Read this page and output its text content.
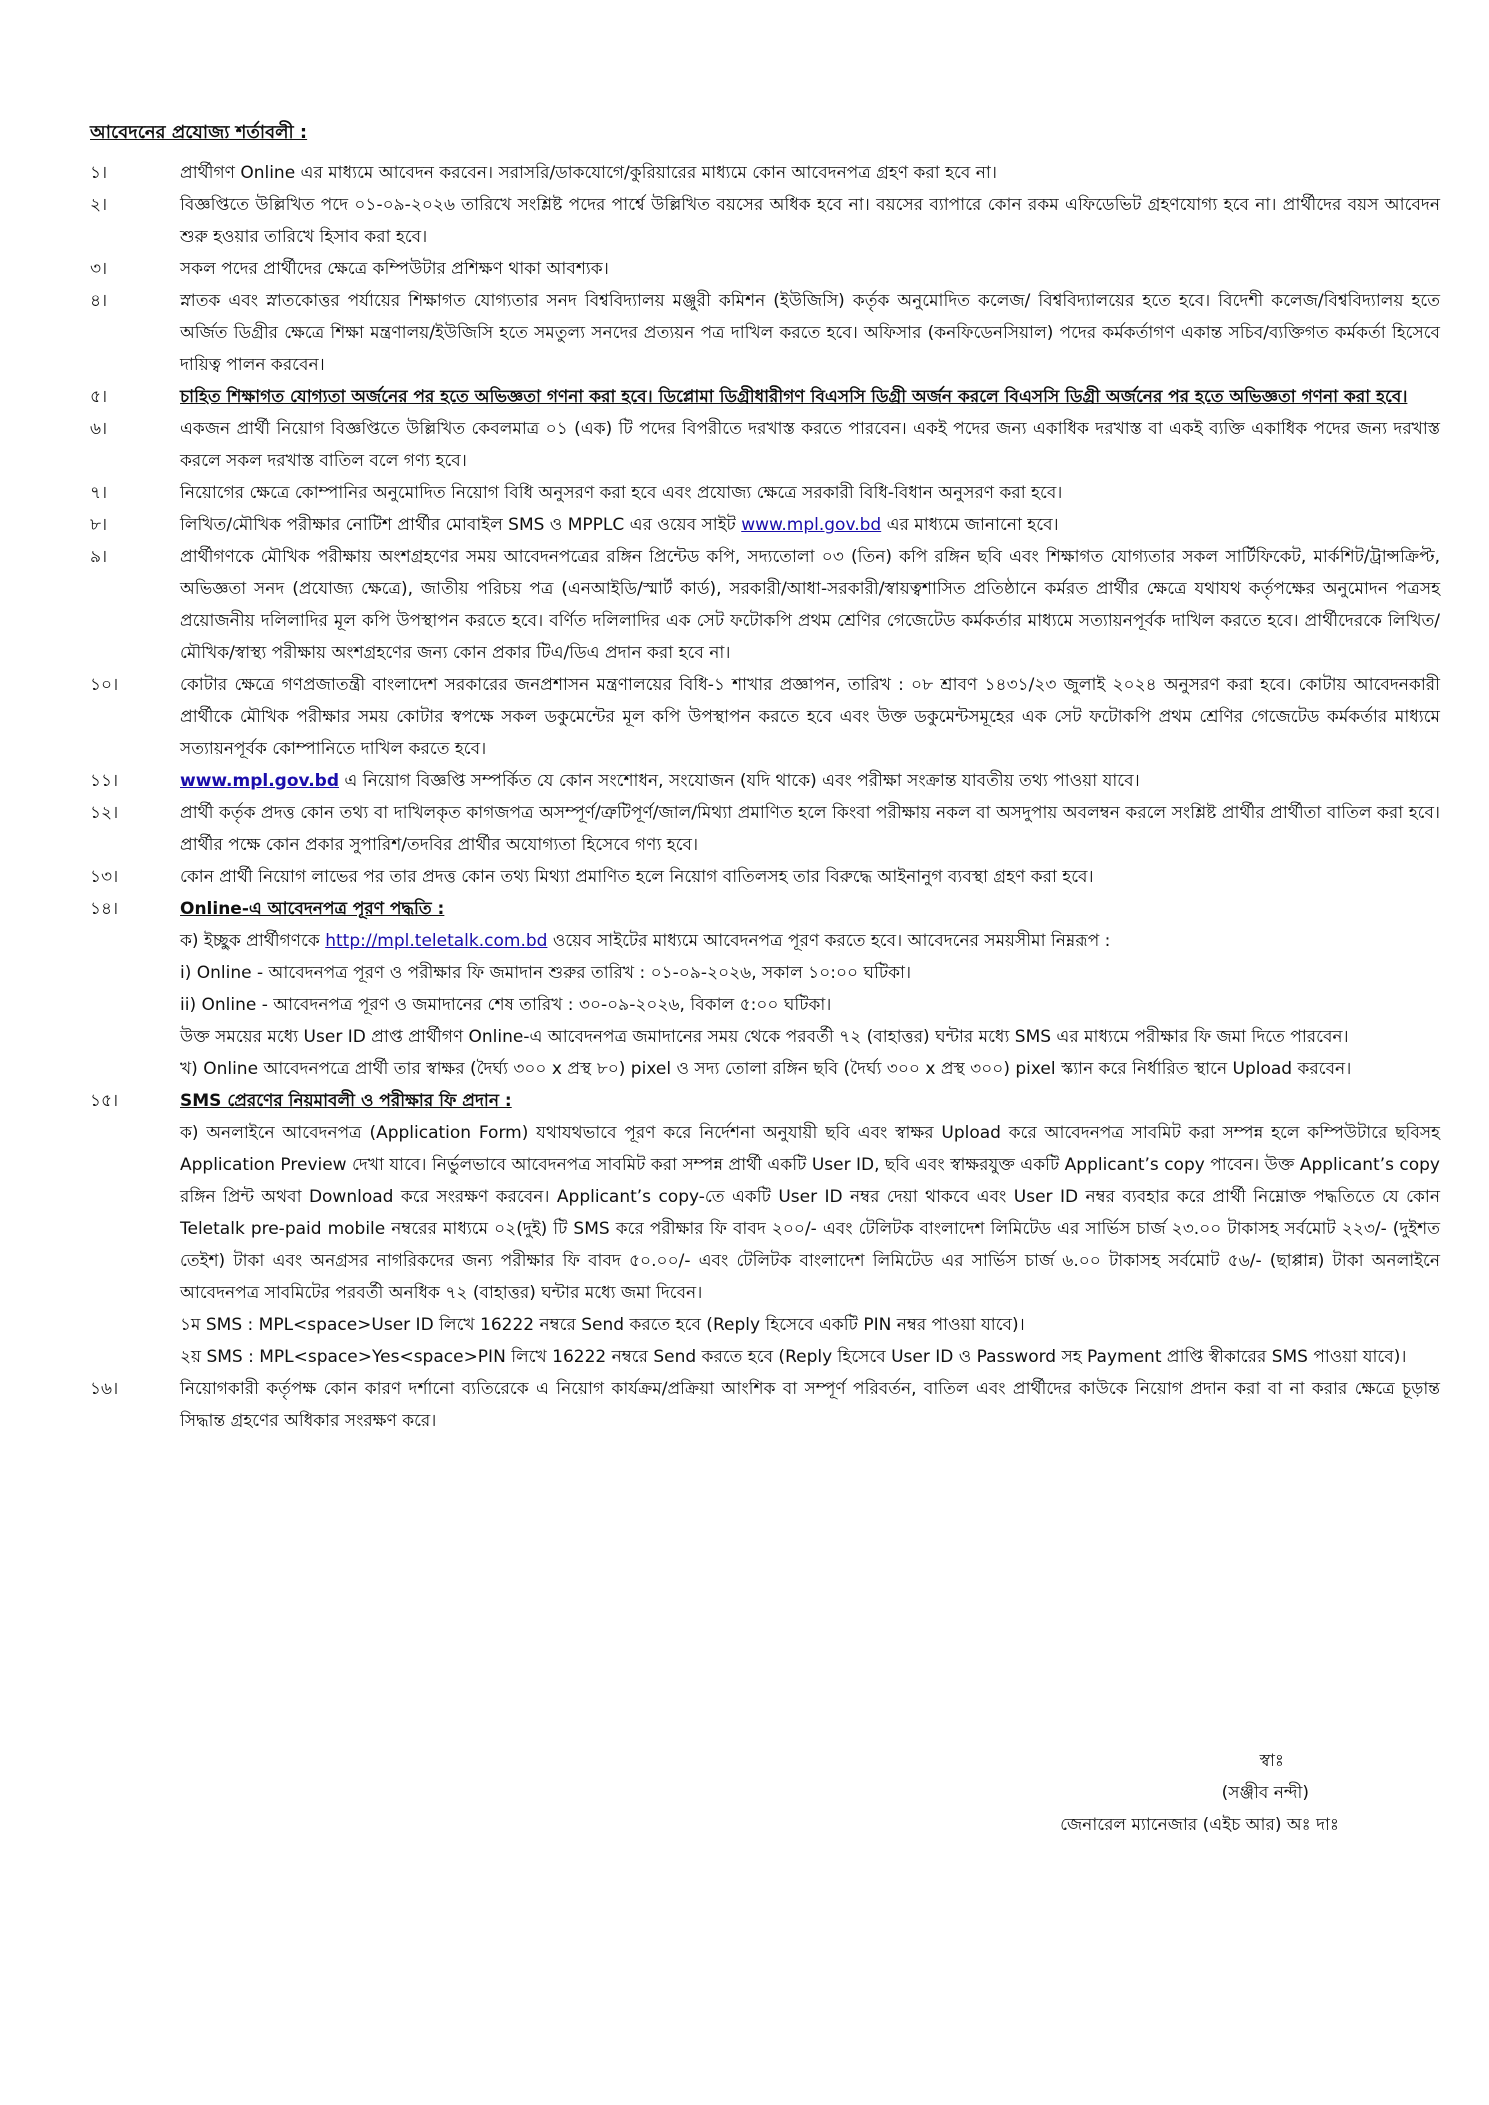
আবেদনের প্রযোজ্য শর্তাবলী :
১।	প্রার্থীগণ Online এর মাধ্যমে আবেদন করবেন। সরাসরি/ডাকযোগে/কুরিয়ারের মাধ্যমে কোন আবেদনপত্র গ্রহণ করা হবে না।
২।	বিজ্ঞপ্তিতে উল্লিখিত পদে ০১-০৯-২০২৬ তারিখে সংশ্লিষ্ট পদের পার্শ্বে উল্লিখিত বয়সের অধিক হবে না। বয়সের ব্যাপারে কোন রকম এফিডেভিট গ্রহণযোগ্য হবে না। প্রার্থীদের বয়স আবেদন শুরু হওয়ার তারিখে হিসাব করা হবে।
৩।	সকল পদের প্রার্থীদের ক্ষেত্রে কম্পিউটার প্রশিক্ষণ থাকা আবশ্যক।
৪।	স্নাতক এবং স্নাতকোত্তর পর্যায়ের শিক্ষাগত যোগ্যতার সনদ বিশ্ববিদ্যালয় মঞ্জুরী কমিশন (ইউজিসি) কর্তৃক অনুমোদিত কলেজ/ বিশ্ববিদ্যালয়ের হতে হবে। বিদেশী কলেজ/বিশ্ববিদ্যালয় হতে অর্জিত ডিগ্রীর ক্ষেত্রে শিক্ষা মন্ত্রণালয়/ইউজিসি হতে সমতুল্য সনদের প্রত্যয়ন পত্র দাখিল করতে হবে। অফিসার (কনফিডেনসিয়াল) পদের কর্মকর্তাগণ একান্ত সচিব/ব্যক্তিগত কর্মকর্তা হিসেবে দায়িত্ব পালন করবেন।
৫।	চাহিত শিক্ষাগত যোগ্যতা অর্জনের পর হতে অভিজ্ঞতা গণনা করা হবে। ডিপ্লোমা ডিগ্রীধারীগণ বিএসসি ডিগ্রী অর্জন করলে বিএসসি ডিগ্রী অর্জনের পর হতে অভিজ্ঞতা গণনা করা হবে।
৬।	একজন প্রার্থী নিয়োগ বিজ্ঞপ্তিতে উল্লিখিত কেবলমাত্র ০১ (এক) টি পদের বিপরীতে দরখাস্ত করতে পারবেন। একই পদের জন্য একাধিক দরখাস্ত বা একই ব্যক্তি একাধিক পদের জন্য দরখাস্ত করলে সকল দরখাস্ত বাতিল বলে গণ্য হবে।
৭।	নিয়োগের ক্ষেত্রে কোম্পানির অনুমোদিত নিয়োগ বিধি অনুসরণ করা হবে এবং প্রযোজ্য ক্ষেত্রে সরকারী বিধি-বিধান অনুসরণ করা হবে।
৮।	লিখিত/মৌখিক পরীক্ষার নোটিশ প্রার্থীর মোবাইল SMS ও MPPLC এর ওয়েব সাইট www.mpl.gov.bd এর মাধ্যমে জানানো হবে।
৯।	প্রার্থীগণকে মৌখিক পরীক্ষায় অংশগ্রহণের সময় আবেদনপত্রের রঙ্গিন প্রিন্টেড কপি, সদ্যতোলা ০৩ (তিন) কপি রঙ্গিন ছবি এবং শিক্ষাগত যোগ্যতার সকল সার্টিফিকেট, মার্কশিট/ট্রান্সক্রিপ্ট, অভিজ্ঞতা সনদ (প্রযোজ্য ক্ষেত্রে), জাতীয় পরিচয় পত্র (এনআইডি/স্মার্ট কার্ড), সরকারী/আধা-সরকারী/স্বায়ত্বশাসিত প্রতিষ্ঠানে কর্মরত প্রার্থীর ক্ষেত্রে যথাযথ কর্তৃপক্ষের অনুমোদন পত্রসহ প্রয়োজনীয় দলিলাদির মূল কপি উপস্থাপন করতে হবে। বর্ণিত দলিলাদির এক সেট ফটোকপি প্রথম শ্রেণির গেজেটেড কর্মকর্তার মাধ্যমে সত্যায়নপূর্বক দাখিল করতে হবে। প্রার্থীদেরকে লিখিত/মৌখিক/স্বাস্থ্য পরীক্ষায় অংশগ্রহণের জন্য কোন প্রকার টিএ/ডিএ প্রদান করা হবে না।
১০।	কোটার ক্ষেত্রে গণপ্রজাতন্ত্রী বাংলাদেশ সরকারের জনপ্রশাসন মন্ত্রণালয়ের বিধি-১ শাখার প্রজ্ঞাপন, তারিখ : ০৮ শ্রাবণ ১৪৩১/২৩ জুলাই ২০২৪ অনুসরণ করা হবে। কোটায় আবেদনকারী প্রার্থীকে মৌখিক পরীক্ষার সময় কোটার স্বপক্ষে সকল ডকুমেন্টের মূল কপি উপস্থাপন করতে হবে এবং উক্ত ডকুমেন্টসমূহের এক সেট ফটোকপি প্রথম শ্রেণির গেজেটেড কর্মকর্তার মাধ্যমে সত্যায়নপূর্বক কোম্পানিতে দাখিল করতে হবে।
১১।	www.mpl.gov.bd এ নিয়োগ বিজ্ঞপ্তি সম্পর্কিত যে কোন সংশোধন, সংযোজন (যদি থাকে) এবং পরীক্ষা সংক্রান্ত যাবতীয় তথ্য পাওয়া যাবে।
১২।	প্রার্থী কর্তৃক প্রদত্ত কোন তথ্য বা দাখিলকৃত কাগজপত্র অসম্পূর্ণ/ত্রুটিপূর্ণ/জাল/মিথ্যা প্রমাণিত হলে কিংবা পরীক্ষায় নকল বা অসদুপায় অবলম্বন করলে সংশ্লিষ্ট প্রার্থীর প্রার্থীতা বাতিল করা হবে। প্রার্থীর পক্ষে কোন প্রকার সুপারিশ/তদবির প্রার্থীর অযোগ্যতা হিসেবে গণ্য হবে।
১৩।	কোন প্রার্থী নিয়োগ লাভের পর তার প্রদত্ত কোন তথ্য মিথ্যা প্রমাণিত হলে নিয়োগ বাতিলসহ তার বিরুদ্ধে আইনানুগ ব্যবস্থা গ্রহণ করা হবে।
১৪।	Online-এ আবেদনপত্র পূরণ পদ্ধতি :
ক) ইচ্ছুক প্রার্থীগণকে http://mpl.teletalk.com.bd ওয়েব সাইটের মাধ্যমে আবেদনপত্র পূরণ করতে হবে। আবেদনের সময়সীমা নিম্নরূপ :
i) Online - আবেদনপত্র পূরণ ও পরীক্ষার ফি জমাদান শুরুর তারিখ : ০১-০৯-২০২৬, সকাল ১০:০০ ঘটিকা।
ii) Online - আবেদনপত্র পূরণ ও জমাদানের শেষ তারিখ : ৩০-০৯-২০২৬, বিকাল ৫:০০ ঘটিকা।
উক্ত সময়ের মধ্যে User ID প্রাপ্ত প্রার্থীগণ Online-এ আবেদনপত্র জমাদানের সময় থেকে পরবর্তী ৭২ (বাহাত্তর) ঘন্টার মধ্যে SMS এর মাধ্যমে পরীক্ষার ফি জমা দিতে পারবেন।
খ) Online আবেদনপত্রে প্রার্থী তার স্বাক্ষর (দৈর্ঘ্য ৩০০ x প্রস্থ ৮০) pixel ও সদ্য তোলা রঙ্গিন ছবি (দৈর্ঘ্য ৩০০ x প্রস্থ ৩০০) pixel স্ক্যান করে নির্ধারিত স্থানে Upload করবেন।
১৫।	SMS প্রেরণের নিয়মাবলী ও পরীক্ষার ফি প্রদান :
ক) অনলাইনে আবেদনপত্র (Application Form) যথাযথভাবে পূরণ করে নির্দেশনা অনুযায়ী ছবি এবং স্বাক্ষর Upload করে আবেদনপত্র সাবমিট করা সম্পন্ন হলে কম্পিউটারে ছবিসহ Application Preview দেখা যাবে। নির্ভুলভাবে আবেদনপত্র সাবমিট করা সম্পন্ন প্রার্থী একটি User ID, ছবি এবং স্বাক্ষরযুক্ত একটি Applicant’s copy পাবেন। উক্ত Applicant’s copy রঙ্গিন প্রিন্ট অথবা Download করে সংরক্ষণ করবেন। Applicant’s copy-তে একটি User ID নম্বর দেয়া থাকবে এবং User ID নম্বর ব্যবহার করে প্রার্থী নিম্নোক্ত পদ্ধতিতে যে কোন Teletalk pre-paid mobile নম্বরের মাধ্যমে ০২(দুই) টি SMS করে পরীক্ষার ফি বাবদ ২০০/- এবং টেলিটক বাংলাদেশ লিমিটেড এর সার্ভিস চার্জ ২৩.০০ টাকাসহ সর্বমোট ২২৩/- (দুইশত তেইশ) টাকা এবং অনগ্রসর নাগরিকদের জন্য পরীক্ষার ফি বাবদ ৫০.০০/- এবং টেলিটক বাংলাদেশ লিমিটেড এর সার্ভিস চার্জ ৬.০০ টাকাসহ সর্বমোট ৫৬/- (ছাপ্পান্ন) টাকা অনলাইনে আবেদনপত্র সাবমিটের পরবর্তী অনধিক ৭২ (বাহাত্তর) ঘন্টার মধ্যে জমা দিবেন।
১ম SMS : MPL<space>User ID লিখে 16222 নম্বরে Send করতে হবে (Reply হিসেবে একটি PIN নম্বর পাওয়া যাবে)।
২য় SMS : MPL<space>Yes<space>PIN লিখে 16222 নম্বরে Send করতে হবে (Reply হিসেবে User ID ও Password সহ Payment প্রাপ্তি স্বীকারের SMS পাওয়া যাবে)।
১৬।	নিয়োগকারী কর্তৃপক্ষ কোন কারণ দর্শানো ব্যতিরেকে এ নিয়োগ কার্যক্রম/প্রক্রিয়া আংশিক বা সম্পূর্ণ পরিবর্তন, বাতিল এবং প্রার্থীদের কাউকে নিয়োগ প্রদান করা বা না করার ক্ষেত্রে চূড়ান্ত সিদ্ধান্ত গ্রহণের অধিকার সংরক্ষণ করে।
স্বাঃ
(সঞ্জীব নন্দী)
জেনারেল ম্যানেজার (এইচ আর) অঃ দাঃ
